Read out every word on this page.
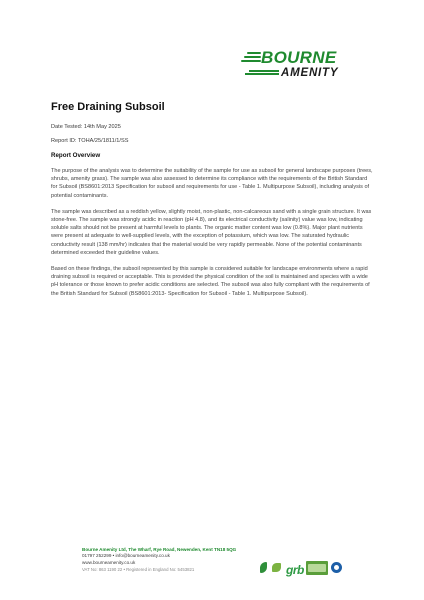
BOURNE
AMENITY
Free Draining Subsoil
Date Tested: 14th May 2025
Report ID: TOHA/25/1811/1/SS
Report Overview

The purpose of the analysis was to determine the suitability of the sample for use as subsoil for general landscape purposes (trees, shrubs, amenity grass). The sample was also assessed to determine its compliance with the requirements of the British Standard for Subsoil (BS8601:2013 Specification for subsoil and requirements for use - Table 1. Multipurpose Subsoil), including analysis of potential contaminants.

The sample was described as a reddish yellow, slightly moist, non-plastic, non-calcareous sand with a single grain structure. It was stone-free. The sample was strongly acidic in reaction (pH 4.8), and its electrical conductivity (salinity) value was low, indicating soluble salts should not be present at harmful levels to plants. The organic matter content was low (0.8%). Major plant nutrients were present at adequate to well-supplied levels, with the exception of potassium, which was low. The saturated hydraulic conductivity result (138 mm/hr) indicates that the material would be very rapidly permeable. None of the potential contaminants determined exceeded their guideline values.

Based on these findings, the subsoil represented by this sample is considered suitable for landscape environments where a rapid draining subsoil is required or acceptable. This is provided the physical condition of the soil is maintained and species with a wide pH tolerance or those known to prefer acidic conditions are selected. The subsoil was also fully compliant with the requirements of the British Standard for Subsoil (BS8601:2013- Specification for Subsoil - Table 1. Multipurpose Subsoil).

Bourne Amenity Ltd, The Wharf, Rye Road, Newenden, Kent TN18 5QG
01797 252299 • info@bourneamenity.co.uk
www.bourneamenity.co.uk
VAT No: 863 1190 22 • Registered in England No: 5453821	grb
